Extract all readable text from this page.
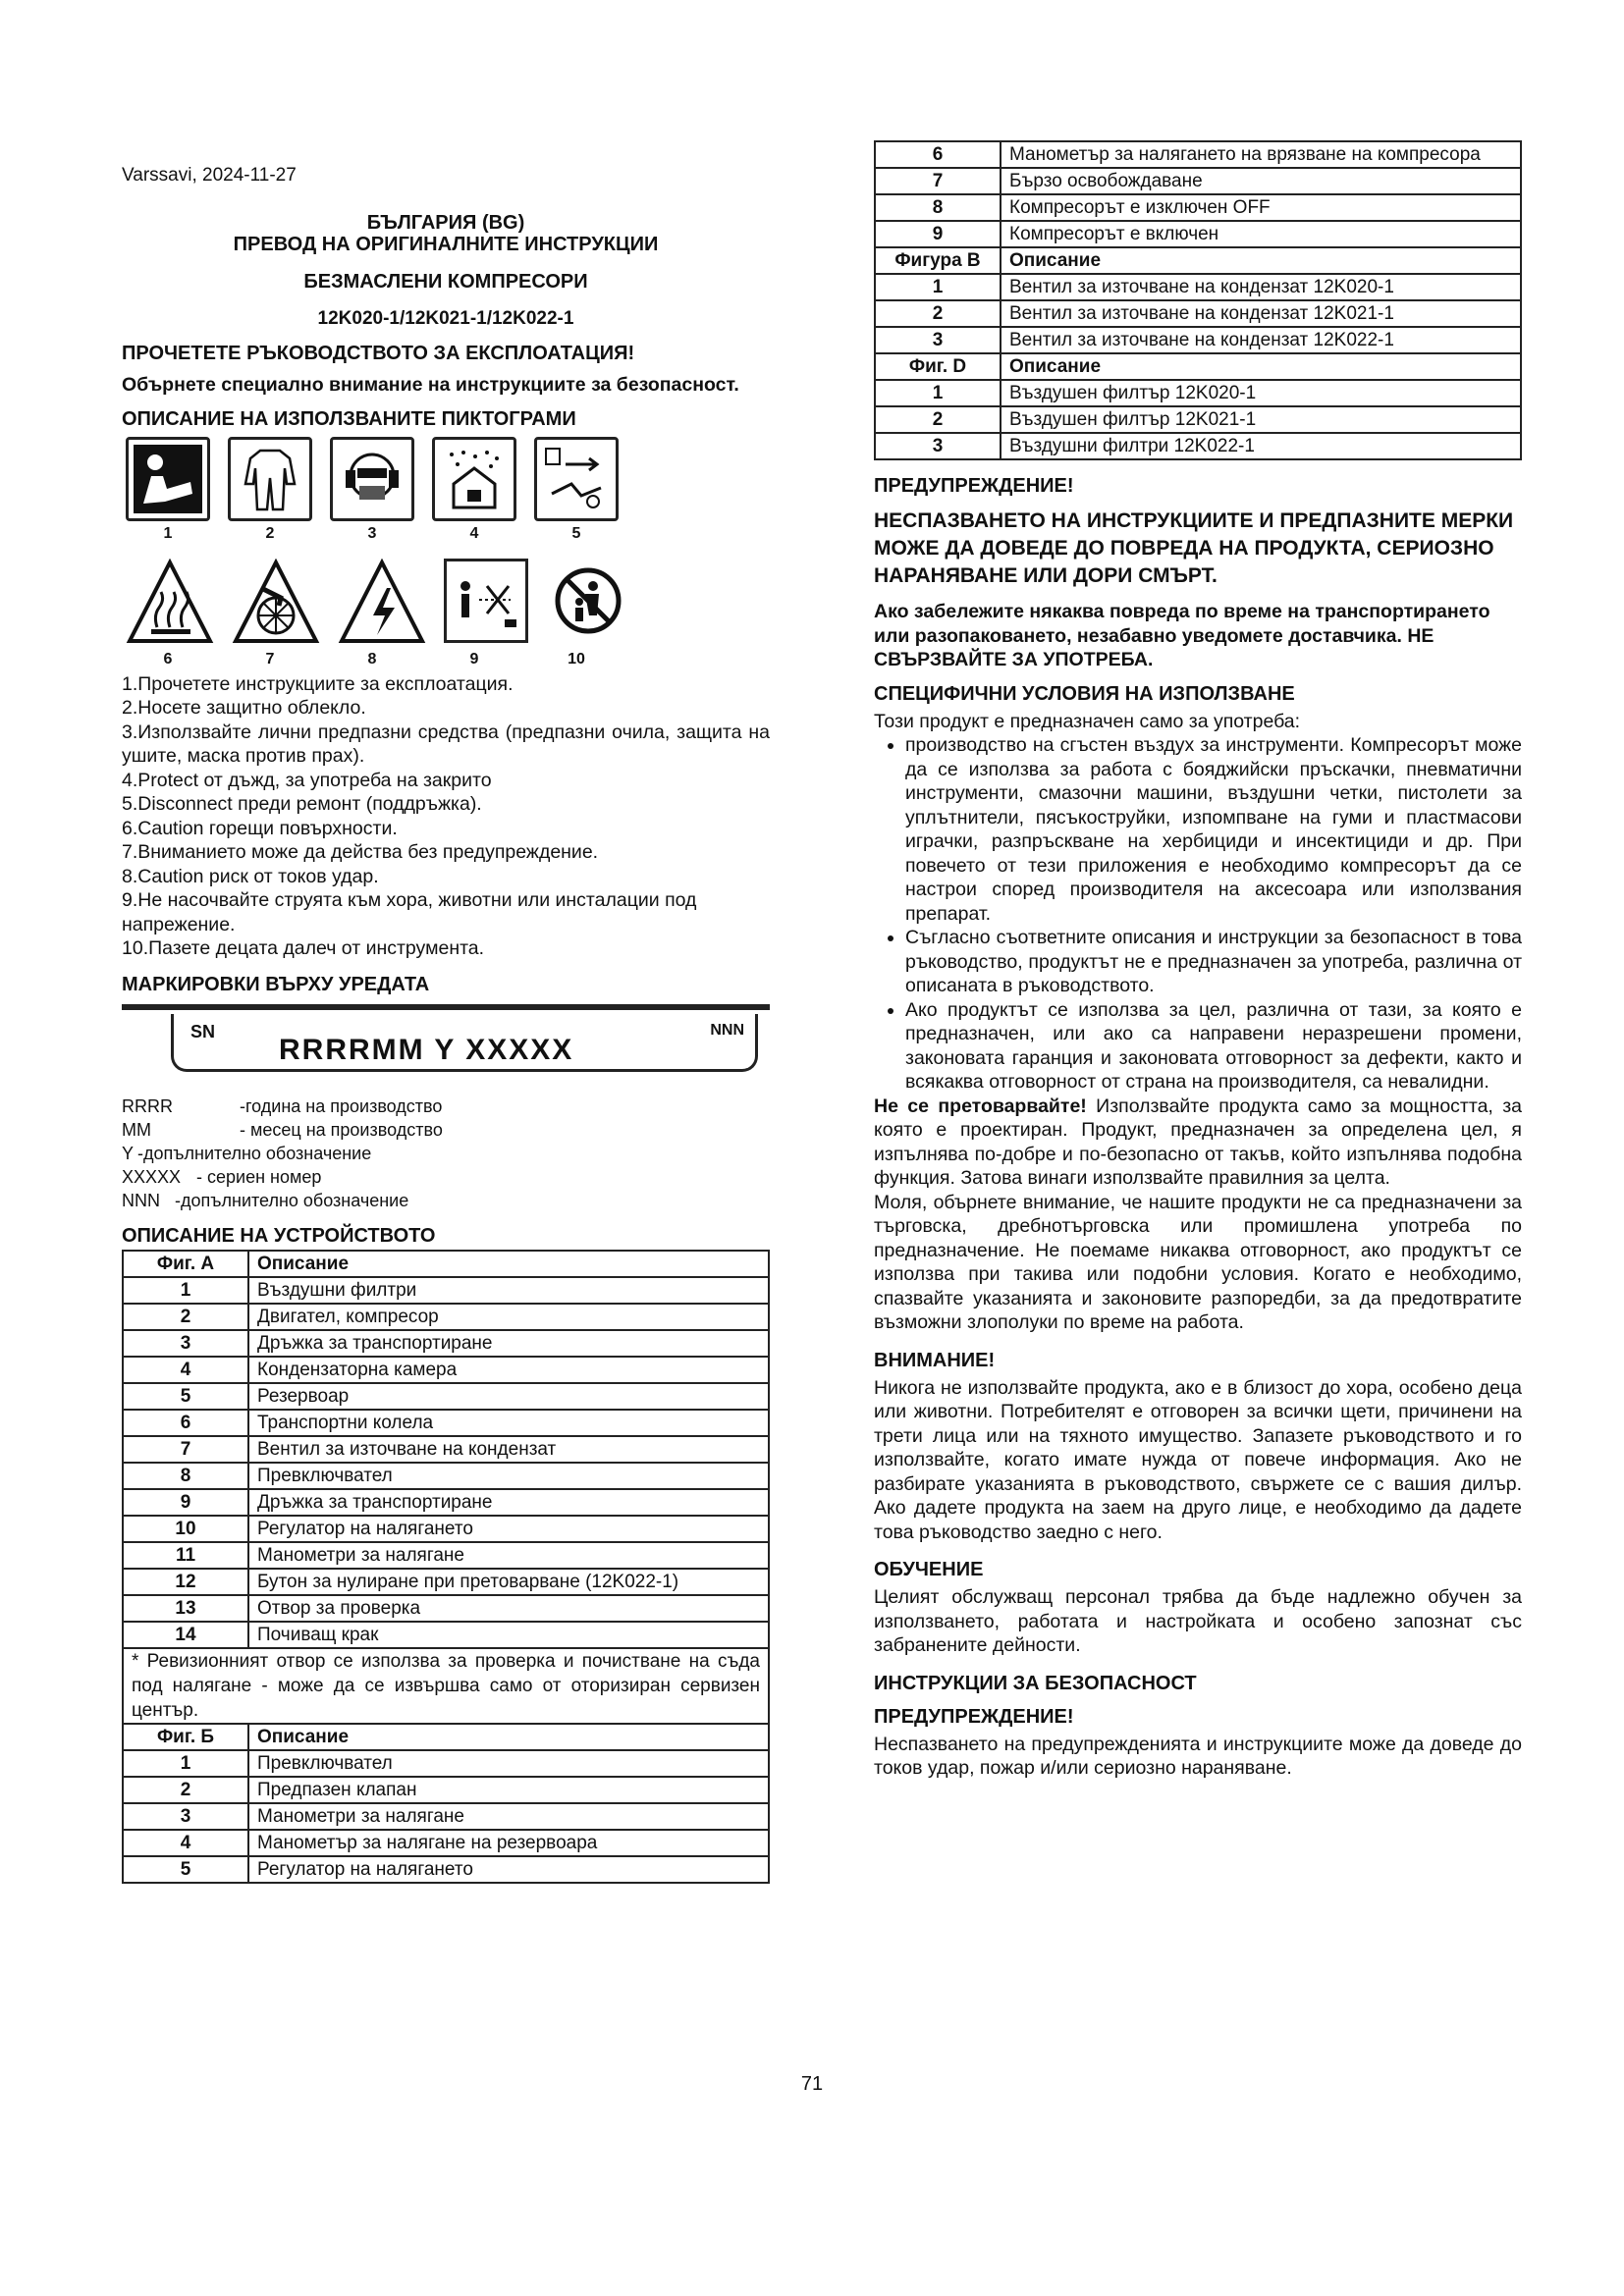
Varssavi, 2024-11-27

БЪЛГАРИЯ (BG)

ПРЕВОД НА ОРИГИНАЛНИТЕ ИНСТРУКЦИИ

БЕЗМАСЛЕНИ КОМПРЕСОРИ

12K020-1/12K021-1/12K022-1

ПРОЧЕТЕТЕ РЪКОВОДСТВОТО ЗА ЕКСПЛОАТАЦИЯ!

Обърнете специално внимание на инструкциите за безопасност.

ОПИСАНИЕ НА ИЗПОЛЗВАНИТЕ ПИКТОГРАМИ

1	2	3	4	5
6	7	8	9	10

1.Прочетете инструкциите за експлоатация.

2.Носете защитно облекло.

3.Използвайте лични предпазни средства (предпазни очила, защита на ушите, маска против прах).

4.Protect от дъжд, за употреба на закрито

5.Disconnect преди ремонт (поддръжка).

6.Caution горещи повърхности.

7.Вниманието може да действа без предупреждение.

8.Caution риск от токов удар.

9.Не насочвайте струята към хора, животни или инсталации под напрежение.

10.Пазете децата далеч от инструмента.

МАРКИРОВКИ ВЪРХУ УРЕДАТА

SN
RRRRMM Y XXXXX
NNN
RRRR	-година на производство
MM	- месец на производство
Y -допълнително обозначение
XXXXX - сериен номер
NNN -допълнително обозначение

ОПИСАНИЕ НА УСТРОЙСТВОТО

Фиг. А	Описание
1	Въздушни филтри
2	Двигател, компресор
3	Дръжка за транспортиране
4	Кондензаторна камера
5	Резервоар
6	Транспортни колела
7	Вентил за източване на кондензат
8	Превключвател
9	Дръжка за транспортиране
10	Регулатор на налягането
11	Манометри за налягане
12	Бутон за нулиране при претоварване (12K022-1)
13	Отвор за проверка
14	Почиващ крак
* Ревизионният отвор се използва за проверка и почистване на съда под налягане - може да се извършва само от оторизиран сервизен център.	
Фиг. Б	Описание
1	Превключвател
2	Предпазен клапан
3	Манометри за налягане
4	Манометър за налягане на резервоара
5	Регулатор на налягането
6	Манометър за налягането на врязване на компресора
7	Бързо освобождаване
8	Компресорът е изключен OFF
9	Компресорът е включен
Фигура В	Описание
1	Вентил за източване на кондензат 12K020-1
2	Вентил за източване на кондензат 12K021-1
3	Вентил за източване на кондензат 12K022-1
Фиг. D	Описание
1	Въздушен филтър 12K020-1
2	Въздушен филтър 12K021-1
3	Въздушни филтри 12K022-1

ПРЕДУПРЕЖДЕНИЕ!

НЕСПАЗВАНЕТО НА ИНСТРУКЦИИТЕ И ПРЕДПАЗНИТЕ МЕРКИ МОЖЕ ДА ДОВЕДЕ ДО ПОВРЕДА НА ПРОДУКТА, СЕРИОЗНО НАРАНЯВАНЕ ИЛИ ДОРИ СМЪРТ.

Ако забележите някаква повреда по време на транспортирането или разопаковането, незабавно уведомете доставчика. НЕ СВЪРЗВАЙТЕ ЗА УПОТРЕБА.

СПЕЦИФИЧНИ УСЛОВИЯ НА ИЗПОЛЗВАНЕ

Този продукт е предназначен само за употреба:

• производство на сгъстен въздух за инструменти. Компресорът може да се използва за работа с бояджийски пръскачки, пневматични инструменти, смазочни машини, въздушни четки, пистолети за уплътнители, пясъкоструйки, изпомпване на гуми и пластмасови играчки, разпръскване на хербициди и инсектициди и др. При повечето от тези приложения е необходимо компресорът да се настрои според производителя на аксесоара или използвания препарат.
• Съгласно съответните описания и инструкции за безопасност в това ръководство, продуктът не е предназначен за употреба, различна от описаната в ръководството.
• Ако продуктът се използва за цел, различна от тази, за която е предназначен, или ако са направени неразрешени промени, законовата гаранция и законовата отговорност за дефекти, както и всякаква отговорност от страна на производителя, са невалидни.

Не се претоварвайте! Използвайте продукта само за мощността, за която е проектиран. Продукт, предназначен за определена цел, я изпълнява по-добре и по-безопасно от такъв, който изпълнява подобна функция. Затова винаги използвайте правилния за целта.

Моля, обърнете внимание, че нашите продукти не са предназначени за търговска, дребнотърговска или промишлена употреба по предназначение. Не поемаме никаква отговорност, ако продуктът се използва при такива или подобни условия. Когато е необходимо, спазвайте указанията и законовите разпоредби, за да предотвратите възможни злополуки по време на работа.

ВНИМАНИЕ!

Никога не използвайте продукта, ако е в близост до хора, особено деца или животни. Потребителят е отговорен за всички щети, причинени на трети лица или на тяхното имущество. Запазете ръководството и го използвайте, когато имате нужда от повече информация. Ако не разбирате указанията в ръководството, свържете се с вашия дилър. Ако дадете продукта на заем на друго лице, е необходимо да дадете това ръководство заедно с него.

ОБУЧЕНИЕ

Целият обслужващ персонал трябва да бъде надлежно обучен за използването, работата и настройката и особено запознат със забранените дейности.

ИНСТРУКЦИИ ЗА БЕЗОПАСНОСТ

ПРЕДУПРЕЖДЕНИЕ!

Неспазването на предупрежденията и инструкциите може да доведе до токов удар, пожар и/или сериозно нараняване.

71
